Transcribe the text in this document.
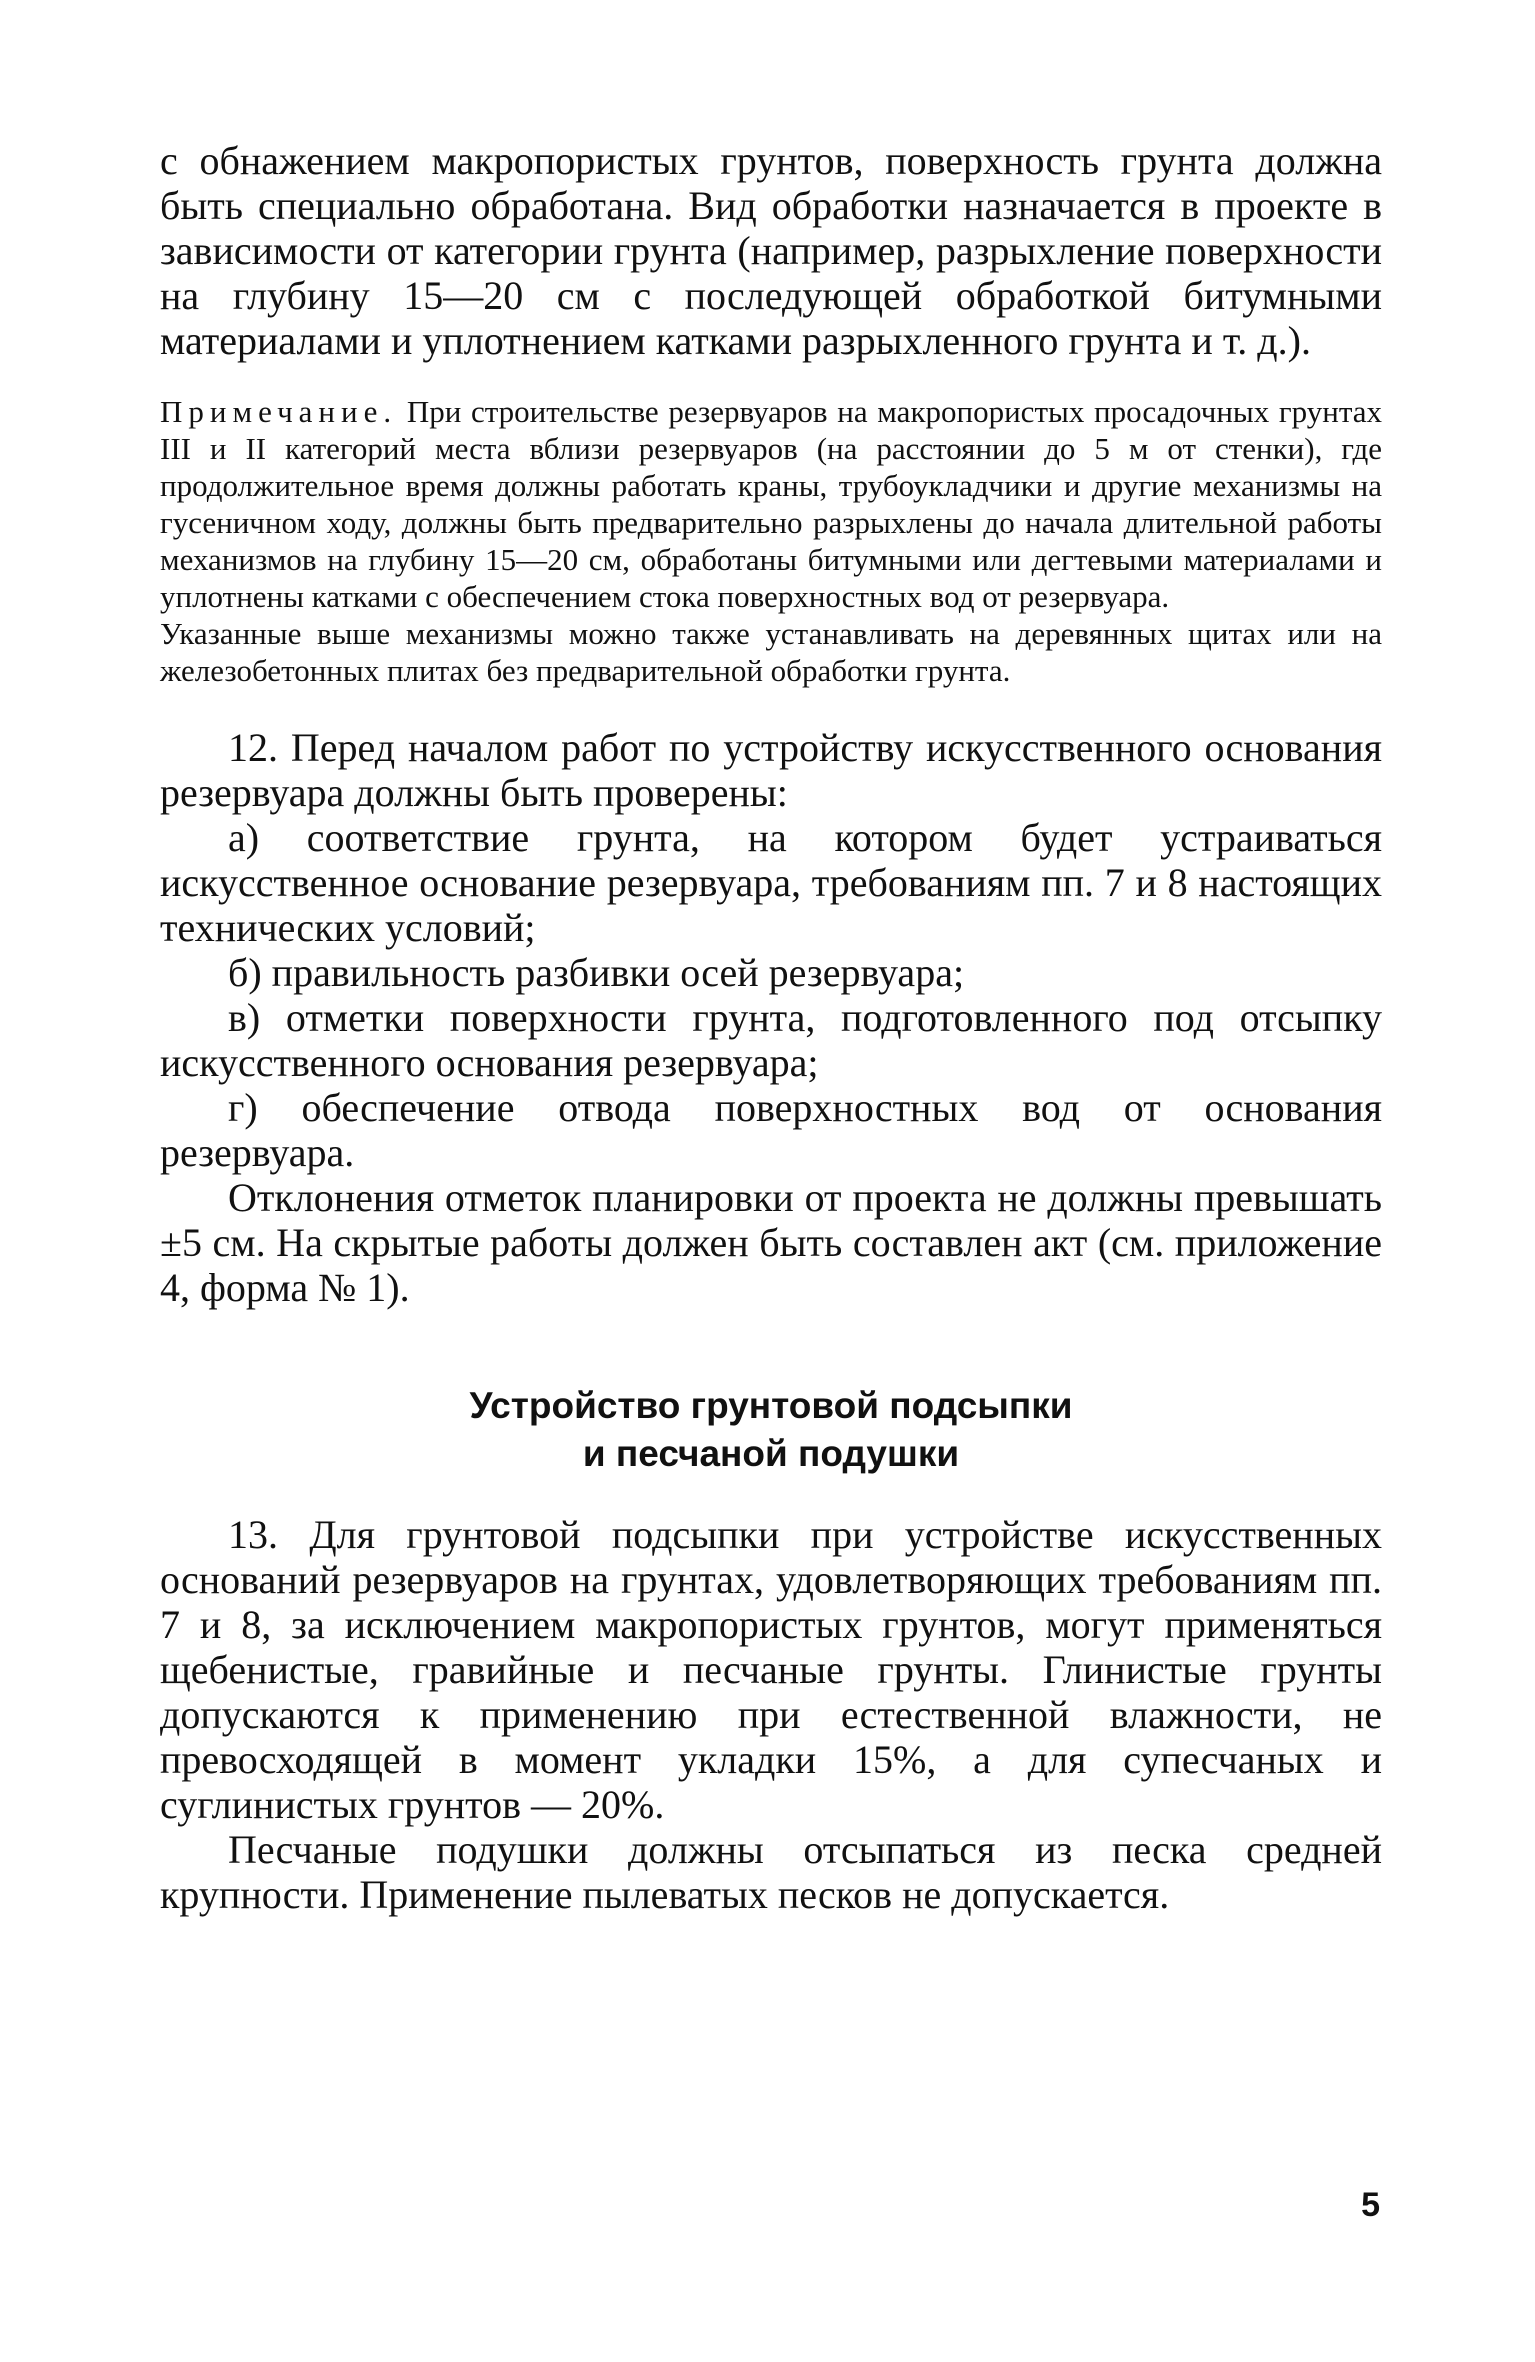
с обнажением макропористых грунтов, поверхность грунта должна быть специально обработана. Вид обработки назначается в проекте в зависимости от категории грунта (например, разрыхление поверхности на глубину 15—20 см с последующей обработкой битумными материалами и уплотнением катками разрыхленного грунта и т. д.).

Примечание. При строительстве резервуаров на макропористых просадочных грунтах III и II категорий места вблизи резервуаров (на расстоянии до 5 м от стенки), где продолжительное время должны работать краны, трубоукладчики и другие механизмы на гусеничном ходу, должны быть предварительно разрыхлены до начала длительной работы механизмов на глубину 15—20 см, обработаны битумными или дегтевыми материалами и уплотнены катками с обеспечением стока поверхностных вод от резервуара.

Указанные выше механизмы можно также устанавливать на деревянных щитах или на железобетонных плитах без предварительной обработки грунта.

12. Перед началом работ по устройству искусственного основания резервуара должны быть проверены:

а) соответствие грунта, на котором будет устраиваться искусственное основание резервуара, требованиям пп. 7 и 8 настоящих технических условий;

б) правильность разбивки осей резервуара;

в) отметки поверхности грунта, подготовленного под отсыпку искусственного основания резервуара;

г) обеспечение отвода поверхностных вод от основания резервуара.

Отклонения отметок планировки от проекта не должны превышать ±5 см. На скрытые работы должен быть составлен акт (см. приложение 4, форма № 1).

Устройство грунтовой подсыпки
и песчаной подушки

13. Для грунтовой подсыпки при устройстве искусственных оснований резервуаров на грунтах, удовлетворяющих требованиям пп. 7 и 8, за исключением макропористых грунтов, могут применяться щебенистые, гравийные и песчаные грунты. Глинистые грунты допускаются к применению при естественной влажности, не превосходящей в момент укладки 15%, а для супесчаных и суглинистых грунтов — 20%.

Песчаные подушки должны отсыпаться из песка средней крупности. Применение пылеватых песков не допускается.

5
